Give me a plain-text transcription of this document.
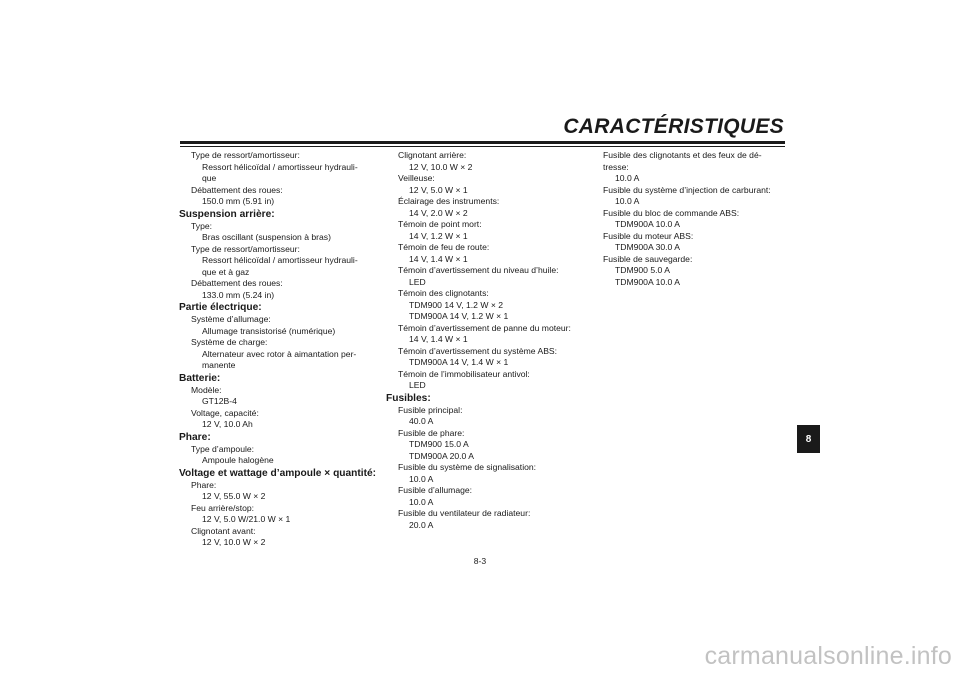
CARACTÉRISTIQUES

Type de ressort/amortisseur:

Ressort hélicoïdal / amortisseur hydrauli-

que

Débattement des roues:

150.0 mm (5.91 in)

Suspension arrière:

Type:

Bras oscillant (suspension à bras)

Type de ressort/amortisseur:

Ressort hélicoïdal / amortisseur hydrauli-

que et à gaz

Débattement des roues:

133.0 mm (5.24 in)

Partie électrique:

Système d’allumage:

Allumage transistorisé (numérique)

Système de charge:

Alternateur avec rotor à aimantation per-

manente

Batterie:

Modèle:

GT12B-4

Voltage, capacité:

12 V, 10.0 Ah

Phare:

Type d’ampoule:

Ampoule halogène

Voltage et wattage d’ampoule × quantité:

Phare:

12 V, 55.0 W × 2

Feu arrière/stop:

12 V, 5.0 W/21.0 W × 1

Clignotant avant:

12 V, 10.0 W × 2

Clignotant arrière:

12 V, 10.0 W × 2

Veilleuse:

12 V, 5.0 W × 1

Éclairage des instruments:

14 V, 2.0 W × 2

Témoin de point mort:

14 V, 1.2 W × 1

Témoin de feu de route:

14 V, 1.4 W × 1

Témoin d’avertissement du niveau d’huile:

LED

Témoin des clignotants:

TDM900 14 V, 1.2 W × 2

TDM900A 14 V, 1.2 W × 1

Témoin d’avertissement de panne du moteur:

14 V, 1.4 W × 1

Témoin d’avertissement du système ABS:

TDM900A 14 V, 1.4 W × 1

Témoin de l’immobilisateur antivol:

LED

Fusibles:

Fusible principal:

40.0 A

Fusible de phare:

TDM900 15.0 A

TDM900A 20.0 A

Fusible du système de signalisation:

10.0 A

Fusible d’allumage:

10.0 A

Fusible du ventilateur de radiateur:

20.0 A

Fusible des clignotants et des feux de dé-

tresse:

10.0 A

Fusible du système d’injection de carburant:

10.0 A

Fusible du bloc de commande ABS:

TDM900A 10.0 A

Fusible du moteur ABS:

TDM900A 30.0 A

Fusible de sauvegarde:

TDM900 5.0 A

TDM900A 10.0 A

8
8-3
carmanualsonline.info
